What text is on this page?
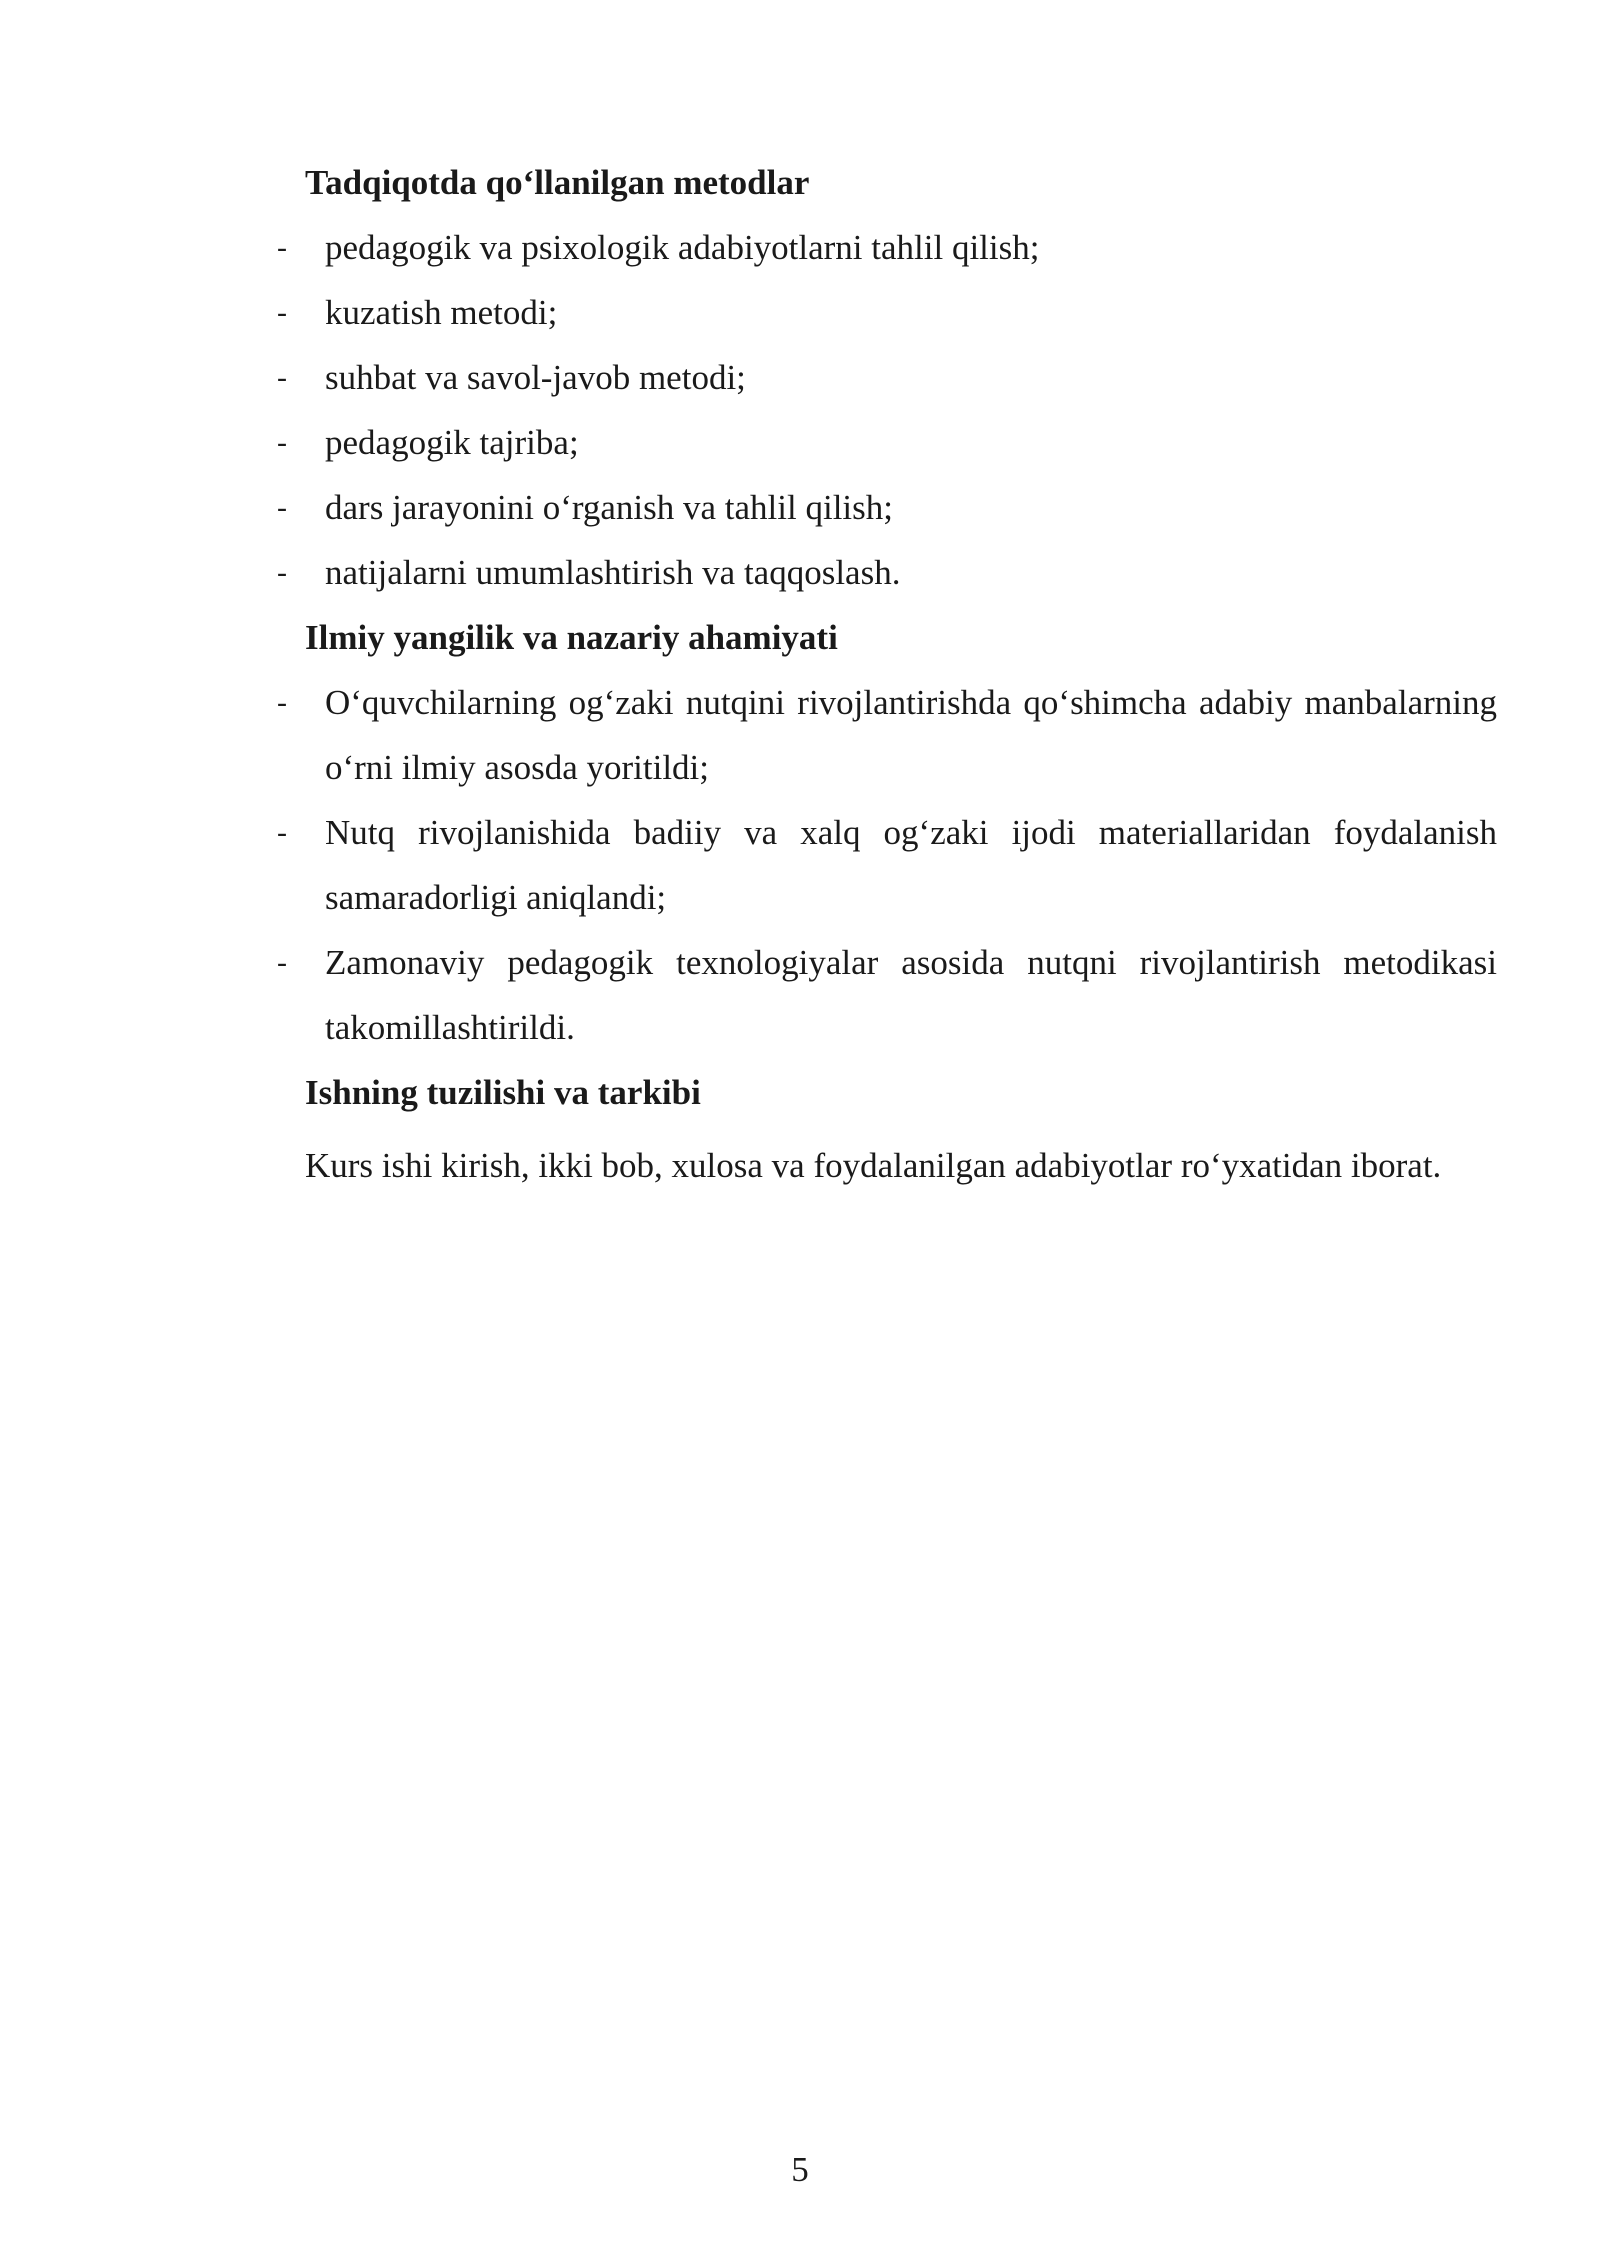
Tadqiqotda qo‘llanilgan metodlar

- pedagogik va psixologik adabiyotlarni tahlil qilish;
- kuzatish metodi;
- suhbat va savol-javob metodi;
- pedagogik tajriba;
- dars jarayonini o‘rganish va tahlil qilish;
- natijalarni umumlashtirish va taqqoslash.

Ilmiy yangilik va nazariy ahamiyati

- O‘quvchilarning og‘zaki nutqini rivojlantirishda qo‘shimcha adabiy manbalarning o‘rni ilmiy asosda yoritildi;
- Nutq rivojlanishida badiiy va xalq og‘zaki ijodi materiallaridan foydalanish samaradorligi aniqlandi;
- Zamonaviy pedagogik texnologiyalar asosida nutqni rivojlantirish metodikasi takomillashtirildi.

Ishning tuzilishi va tarkibi

Kurs ishi kirish, ikki bob, xulosa va foydalanilgan adabiyotlar ro‘yxatidan iborat.

5
